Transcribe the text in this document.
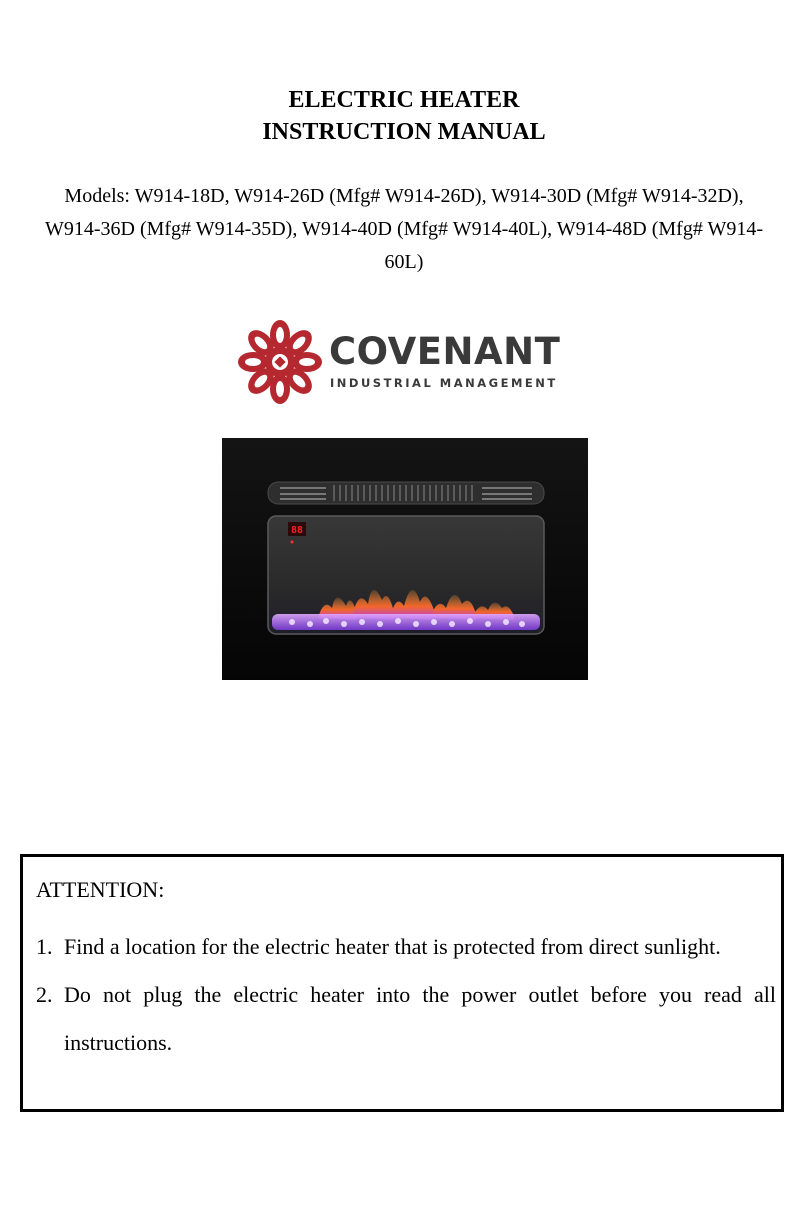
ELECTRIC HEATER
INSTRUCTION MANUAL
Models: W914-18D, W914-26D (Mfg# W914-26D), W914-30D (Mfg# W914-32D), W914-36D (Mfg# W914-35D), W914-40D (Mfg# W914-40L), W914-48D (Mfg# W914-60L)
COVENANT
INDUSTRIAL MANAGEMENT
88
ATTENTION:
1. Find a location for the electric heater that is protected from direct sunlight.
2. Do not plug the electric heater into the power outlet before you read all instructions.
